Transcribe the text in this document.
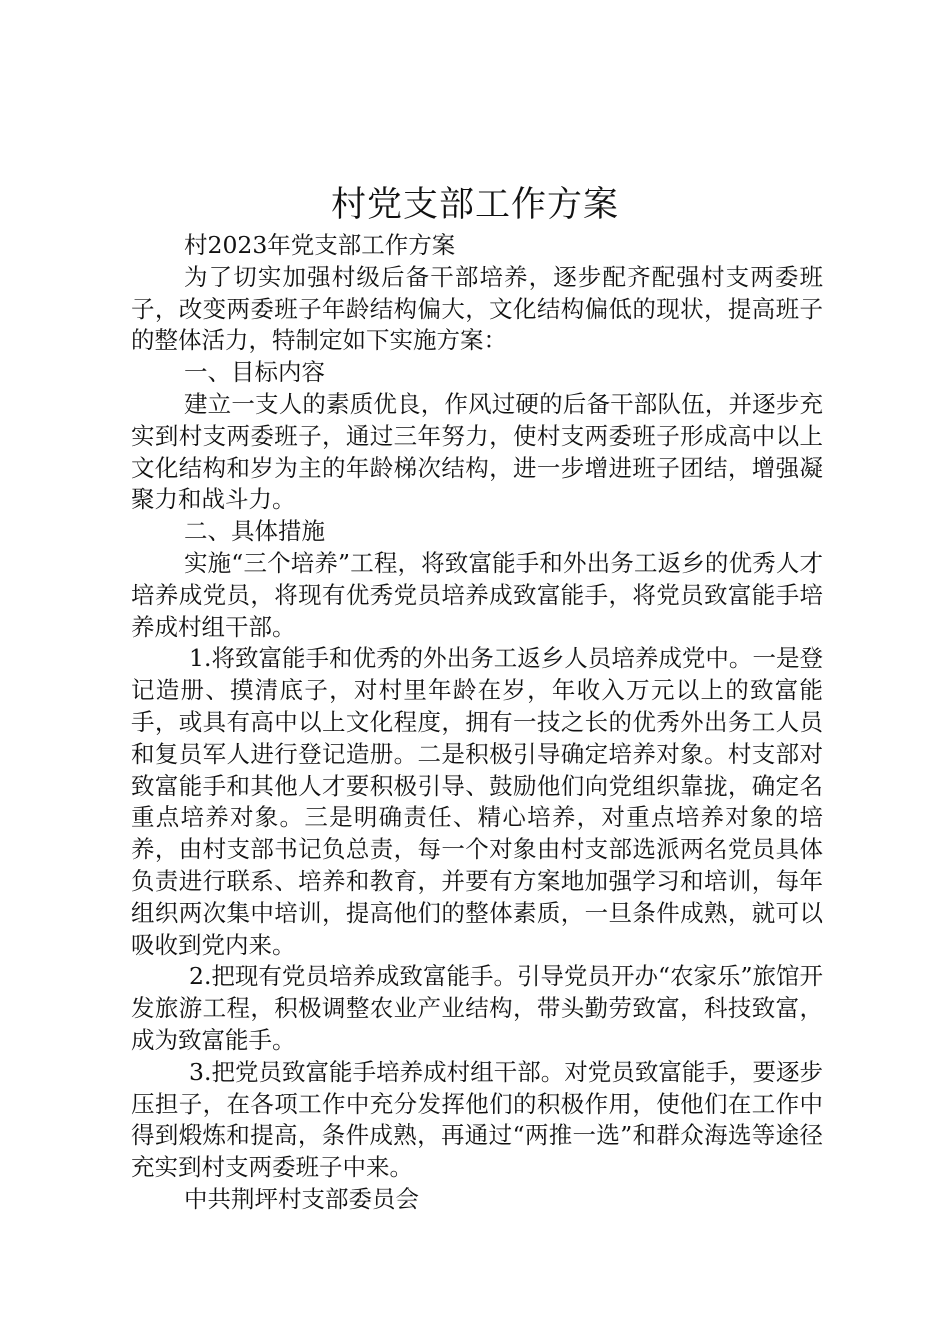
村党支部工作方案

村2023年党支部工作方案

为了切实加强村级后备干部培养，逐步配齐配强村支两委班子，改变两委班子年龄结构偏大，文化结构偏低的现状，提高班子的整体活力，特制定如下实施方案：

一、目标内容

建立一支人的素质优良，作风过硬的后备干部队伍，并逐步充实到村支两委班子，通过三年努力，使村支两委班子形成高中以上文化结构和岁为主的年龄梯次结构，进一步增进班子团结，增强凝聚力和战斗力。

二、具体措施

实施“三个培养”工程，将致富能手和外出务工返乡的优秀人才培养成党员，将现有优秀党员培养成致富能手，将党员致富能手培养成村组干部。

1.将致富能手和优秀的外出务工返乡人员培养成党中。一是登记造册、摸清底子，对村里年龄在岁，年收入万元以上的致富能手，或具有高中以上文化程度，拥有一技之长的优秀外出务工人员和复员军人进行登记造册。二是积极引导确定培养对象。村支部对致富能手和其他人才要积极引导、鼓励他们向党组织靠拢，确定名重点培养对象。三是明确责任、精心培养，对重点培养对象的培养，由村支部书记负总责，每一个对象由村支部选派两名党员具体负责进行联系、培养和教育，并要有方案地加强学习和培训，每年组织两次集中培训，提高他们的整体素质，一旦条件成熟，就可以吸收到党内来。

2.把现有党员培养成致富能手。引导党员开办“农家乐”旅馆开发旅游工程，积极调整农业产业结构，带头勤劳致富，科技致富，成为致富能手。

3.把党员致富能手培养成村组干部。对党员致富能手，要逐步压担子，在各项工作中充分发挥他们的积极作用，使他们在工作中得到煅炼和提高，条件成熟，再通过“两推一选”和群众海选等途径充实到村支两委班子中来。

中共荆坪村支部委员会
